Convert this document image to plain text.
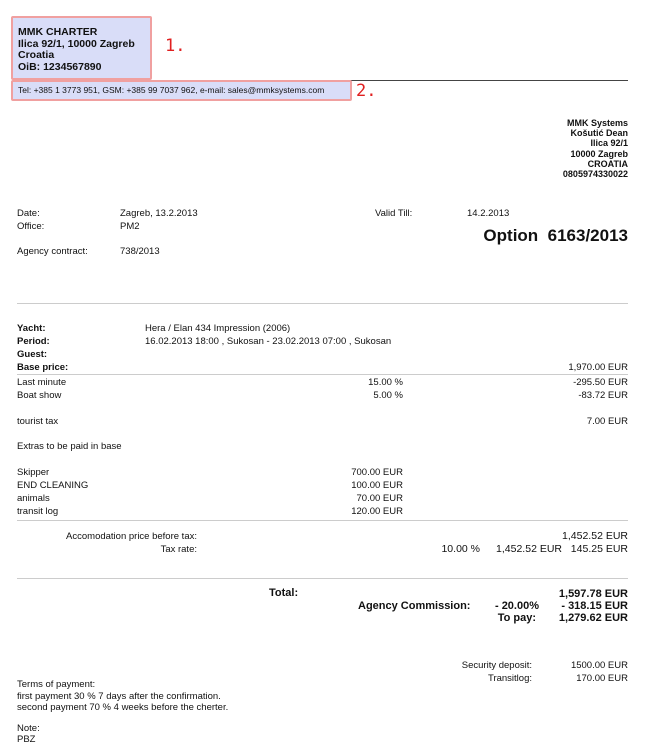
MMK CHARTER
Ilica 92/1, 10000 Zagreb
Croatia
OiB: 1234567890
1.
Tel: +385 1 3773 951, GSM: +385 99 7037 962, e-mail: sales@mmksystems.com 2.
MMK Systems
Košutić Dean
Ilica 92/1
10000 Zagreb
CROATIA
0805974330022
Date:	Zagreb, 13.2.2013
Office:	PM2
Valid Till:	14.2.2013
Option  6163/2013
Agency contract:	738/2013
Yacht:	Hera / Elan 434 Impression (2006)
Period:	16.02.2013 18:00 , Sukosan - 23.02.2013 07:00 , Sukosan
Guest:
Base price:	1,970.00 EUR
Last minute	15.00 %	-295.50 EUR
Boat show	5.00 %	-83.72 EUR
tourist tax	7.00 EUR
Extras to be paid in base
Skipper	700.00 EUR
END CLEANING	100.00 EUR
animals	70.00 EUR
transit log	120.00 EUR
Accomodation price before tax:	1,452.52 EUR
Tax rate:	10.00 % 1,452.52 EUR 145.25 EUR
Total:	1,597.78 EUR
Agency Commission: - 20.00% - 318.15 EUR
To pay: 1,279.62 EUR
Security deposit:	1500.00 EUR
Transitlog:	170.00 EUR
Terms of payment:
first payment 30 % 7 days after the confirmation.
second payment 70 % 4 weeks before the cherter.
Note:
PBZ
